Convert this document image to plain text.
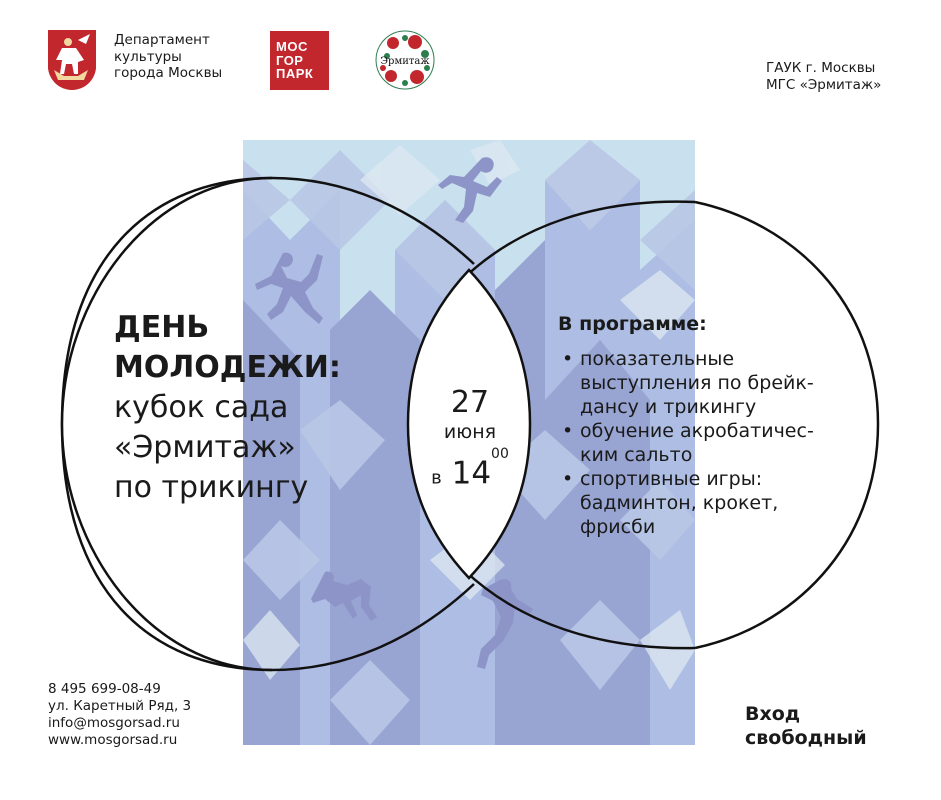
Департамент
культуры
города Москвы
МОС
ГОР
ПАРК
Эрмитаж	ГАУК г. Москвы
МГС «Эрмитаж»
ДЕНЬ
МОЛОДЕЖИ:
кубок сада
«Эрмитаж»
по трикингу
27
июня
в $14^{00}$
В программе:
• показательные
выступления по брейк-
дансу и трикингу
• обучение акробатичес-
ким сальто
• спортивные игры:
бадминтон, крокет,
фрисби
8 495 699-08-49
ул. Каретный Ряд, 3
info@mosgorsad.ru
www.mosgorsad.ru
Вход
свободный
